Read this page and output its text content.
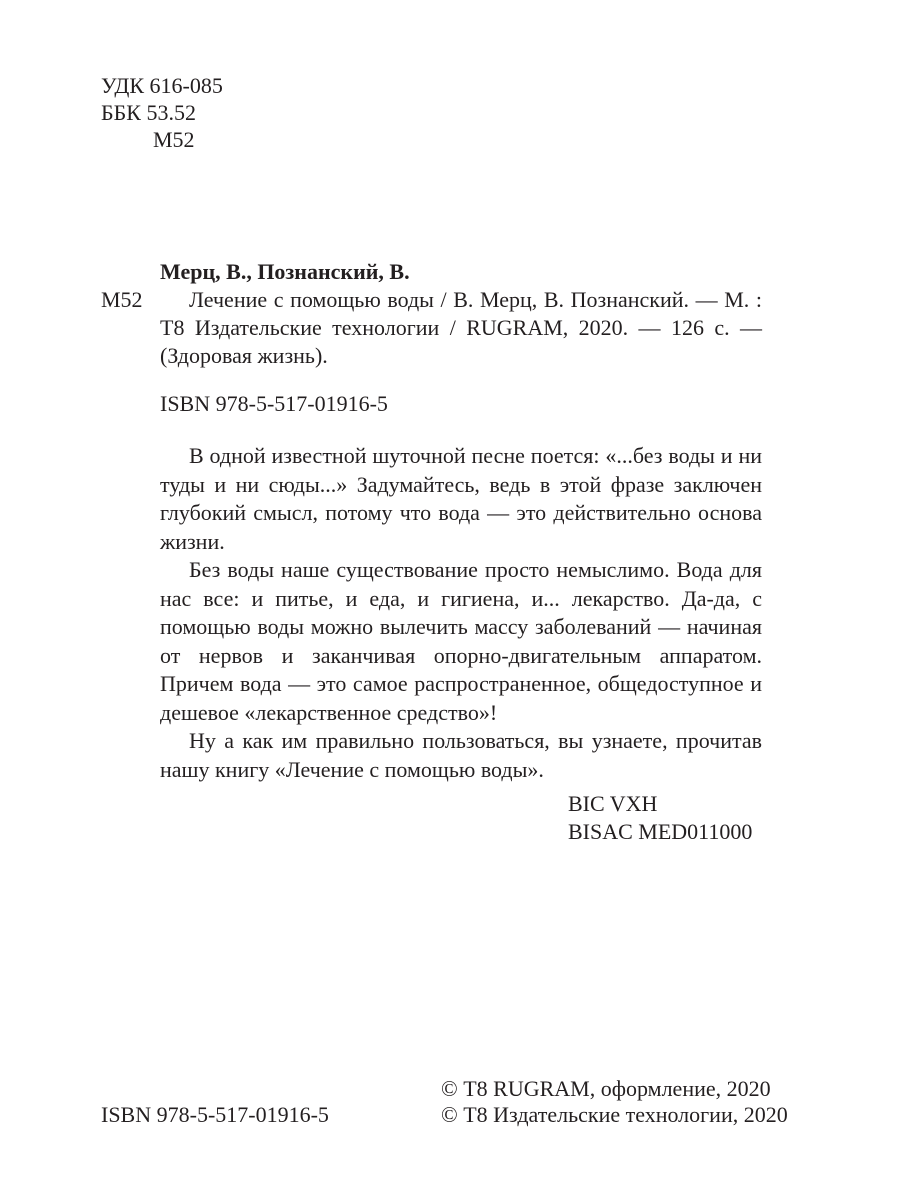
УДК 616-085
ББК 53.52
М52
Мерц, В., Познанский, В.
М52	Лечение с помощью воды / В. Мерц, В. Познанский. — М. : Т8 Издательские технологии / RUGRAM, 2020. — 126 с. — (Здоровая жизнь).

ISBN 978-5-517-01916-5

В одной известной шуточной песне поется: «...без воды и ни туды и ни сюды...» Задумайтесь, ведь в этой фразе заключен глубокий смысл, потому что вода — это действительно основа жизни.

Без воды наше существование просто немыслимо. Вода для нас все: и питье, и еда, и гигиена, и... лекарство. Да-да, с помощью воды можно вылечить массу заболеваний — начиная от нервов и заканчивая опорно-двигательным аппаратом. Причем вода — это самое распространенное, общедоступное и дешевое «лекарственное средство»!

Ну а как им правильно пользоваться, вы узнаете, прочитав нашу книгу «Лечение с помощью воды».

BIC VXH
BISAC MED011000
© Т8 RUGRAM, оформление, 2020
© Т8 Издательские технологии, 2020
ISBN 978-5-517-01916-5
